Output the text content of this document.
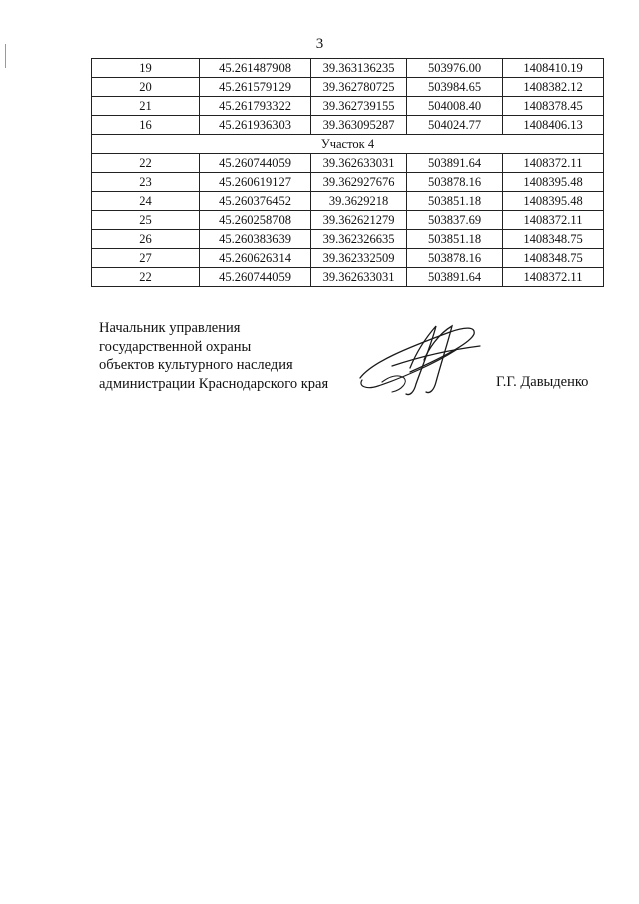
3
19	45.261487908	39.363136235	503976.00	1408410.19
20	45.261579129	39.362780725	503984.65	1408382.12
21	45.261793322	39.362739155	504008.40	1408378.45
16	45.261936303	39.363095287	504024.77	1408406.13
Участок 4				
22	45.260744059	39.362633031	503891.64	1408372.11
23	45.260619127	39.362927676	503878.16	1408395.48
24	45.260376452	39.3629218	503851.18	1408395.48
25	45.260258708	39.362621279	503837.69	1408372.11
26	45.260383639	39.362326635	503851.18	1408348.75
27	45.260626314	39.362332509	503878.16	1408348.75
22	45.260744059	39.362633031	503891.64	1408372.11
Начальник управления
государственной охраны
объектов культурного наследия
администрации Краснодарского края	Г.Г. Давыденко
